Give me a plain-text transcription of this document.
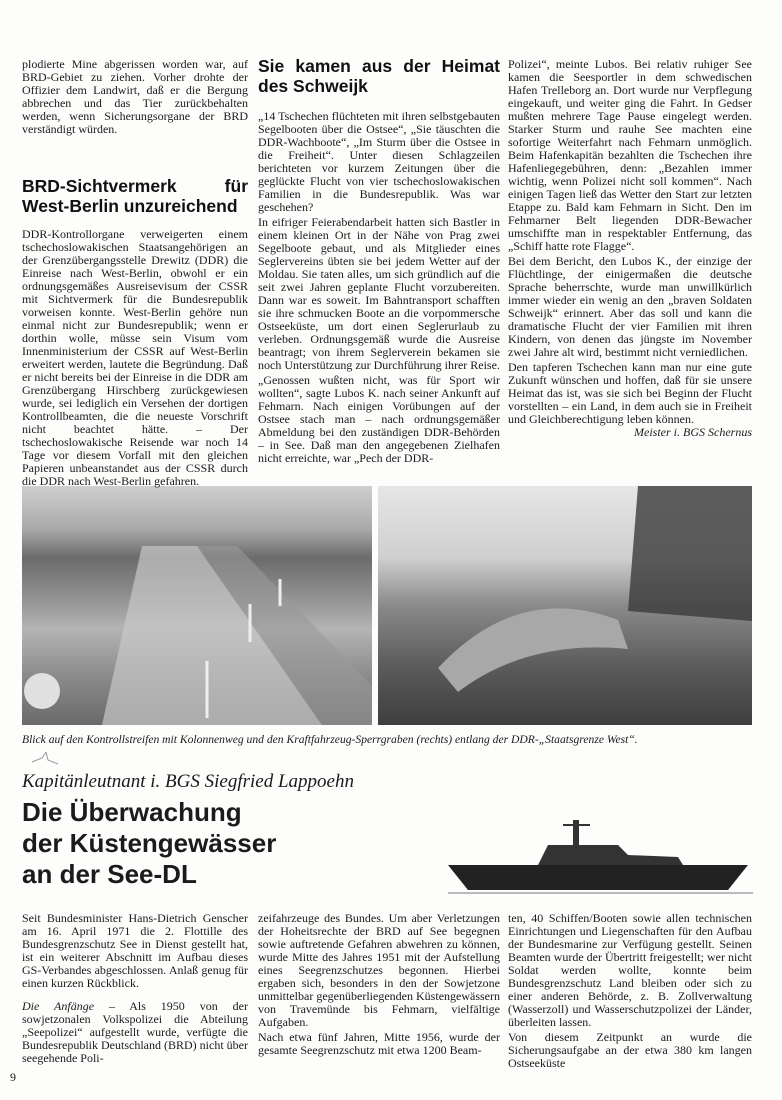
plodierte Mine abgerissen worden war, auf BRD-Gebiet zu ziehen. Vorher drohte der Offizier dem Landwirt, daß er die Bergung abbrechen und das Tier zurückbehalten werden, wenn Sicherungsorgane der BRD verständigt würden.

BRD-Sichtvermerk für West-Berlin unzureichend

DDR-Kontrollorgane verweigerten einem tschechoslowakischen Staatsangehörigen an der Grenzübergangsstelle Drewitz (DDR) die Einreise nach West-Berlin, obwohl er ein ordnungsgemäßes Ausreisevisum der CSSR mit Sichtvermerk für die Bundesrepublik vorweisen konnte. West-Berlin gehöre nun einmal nicht zur Bundesrepublik; wenn er dorthin wolle, müsse sein Visum vom Innenministerium der CSSR auf West-Berlin erweitert werden, lautete die Begründung. Daß er nicht bereits bei der Einreise in die DDR am Grenzübergang Hirschberg zurückgewiesen wurde, sei lediglich ein Versehen der dortigen Kontrollbeamten, die die neueste Vorschrift nicht beachtet hätte. – Der tschechoslowakische Reisende war noch 14 Tage vor diesem Vorfall mit den gleichen Papieren unbeanstandet aus der CSSR durch die DDR nach West-Berlin gefahren.

Sie kamen aus der Heimat des Schweijk

„14 Tschechen flüchteten mit ihren selbstgebauten Segelbooten über die Ostsee“, „Sie täuschten die DDR-Wachboote“, „Im Sturm über die Ostsee in die Freiheit“. Unter diesen Schlagzeilen berichteten vor kurzem Zeitungen über die geglückte Flucht von vier tschechoslowakischen Familien in die Bundesrepublik. Was war geschehen?

In eifriger Feierabendarbeit hatten sich Bastler in einem kleinen Ort in der Nähe von Prag zwei Segelboote gebaut, und als Mitglieder eines Seglervereins übten sie bei jedem Wetter auf der Moldau. Sie taten alles, um sich gründlich auf die seit zwei Jahren geplante Flucht vorzubereiten. Dann war es soweit. Im Bahntransport schafften sie ihre schmucken Boote an die vorpommersche Ostseeküste, um dort einen Seglerurlaub zu verleben. Ordnungsgemäß wurde die Ausreise beantragt; von ihrem Seglerverein bekamen sie noch Unterstützung zur Durchführung ihrer Reise.

„Genossen wußten nicht, was für Sport wir wollten“, sagte Lubos K. nach seiner Ankunft auf Fehmarn. Nach einigen Vorübungen auf der Ostsee stach man – nach ordnungsgemäßer Abmeldung bei den zuständigen DDR-Behörden – in See. Daß man den angegebenen Zielhafen nicht erreichte, war „Pech der DDR-

Polizei“, meinte Lubos. Bei relativ ruhiger See kamen die Seesportler in dem schwedischen Hafen Trelleborg an. Dort wurde nur Verpflegung eingekauft, und weiter ging die Fahrt. In Gedser mußten mehrere Tage Pause eingelegt werden. Starker Sturm und rauhe See machten eine sofortige Weiterfahrt nach Fehmarn unmöglich. Beim Hafenkapitän bezahlten die Tschechen ihre Hafenliegegebühren, denn: „Bezahlen immer wichtig, wenn Polizei nicht soll kommen“. Nach einigen Tagen ließ das Wetter den Start zur letzten Etappe zu. Bald kam Fehmarn in Sicht. Den im Fehmarner Belt liegenden DDR-Bewacher umschiffte man in respektabler Entfernung, das „Schiff hatte rote Flagge“.

Bei dem Bericht, den Lubos K., der einzige der Flüchtlinge, der einigermaßen die deutsche Sprache beherrschte, wurde man unwillkürlich immer wieder ein wenig an den „braven Soldaten Schweijk“ erinnert. Aber das soll und kann die dramatische Flucht der vier Familien mit ihren Kindern, von denen das jüngste im November zwei Jahre alt wird, bestimmt nicht verniedlichen.

Den tapferen Tschechen kann man nur eine gute Zukunft wünschen und hoffen, daß für sie unsere Heimat das ist, was sie sich bei Beginn der Flucht vorstellten – ein Land, in dem auch sie in Freiheit und Gleichberechtigung leben können.

Meister i. BGS Schernus
Blick auf den Kontrollstreifen mit Kolonnenweg und den Kraftfahrzeug-Sperrgraben (rechts) entlang der DDR-„Staatsgrenze West“.
Kapitänleutnant i. BGS Siegfried Lappoehn
Die Überwachung
der Küstengewässer
an der See-DL

Seit Bundesminister Hans-Dietrich Genscher am 16. April 1971 die 2. Flottille des Bundesgrenzschutz See in Dienst gestellt hat, ist ein weiterer Abschnitt im Aufbau dieses GS-Verbandes abgeschlossen. Anlaß genug für einen kurzen Rückblick.

Die Anfänge – Als 1950 von der sowjetzonalen Volkspolizei die Abteilung „Seepolizei“ aufgestellt wurde, verfügte die Bundesrepublik Deutschland (BRD) nicht über seegehende Poli-

zeifahrzeuge des Bundes. Um aber Verletzungen der Hoheitsrechte der BRD auf See begegnen sowie auftretende Gefahren abwehren zu können, wurde Mitte des Jahres 1951 mit der Aufstellung eines Seegrenzschutzes begonnen. Hierbei ergaben sich, besonders in den der Sowjetzone unmittelbar gegenüberliegenden Küstengewässern von Travemünde bis Fehmarn, vielfältige Aufgaben.

Nach etwa fünf Jahren, Mitte 1956, wurde der gesamte Seegrenzschutz mit etwa 1200 Beam-

ten, 40 Schiffen/Booten sowie allen technischen Einrichtungen und Liegenschaften für den Aufbau der Bundesmarine zur Verfügung gestellt. Seinen Beamten wurde der Übertritt freigestellt; wer nicht Soldat werden wollte, konnte beim Bundesgrenzschutz Land bleiben oder sich zu einer anderen Behörde, z. B. Zollverwaltung (Wasserzoll) und Wasserschutzpolizei der Länder, überleiten lassen.

Von diesem Zeitpunkt an wurde die Sicherungsaufgabe an der etwa 380 km langen Ostseeküste

9
